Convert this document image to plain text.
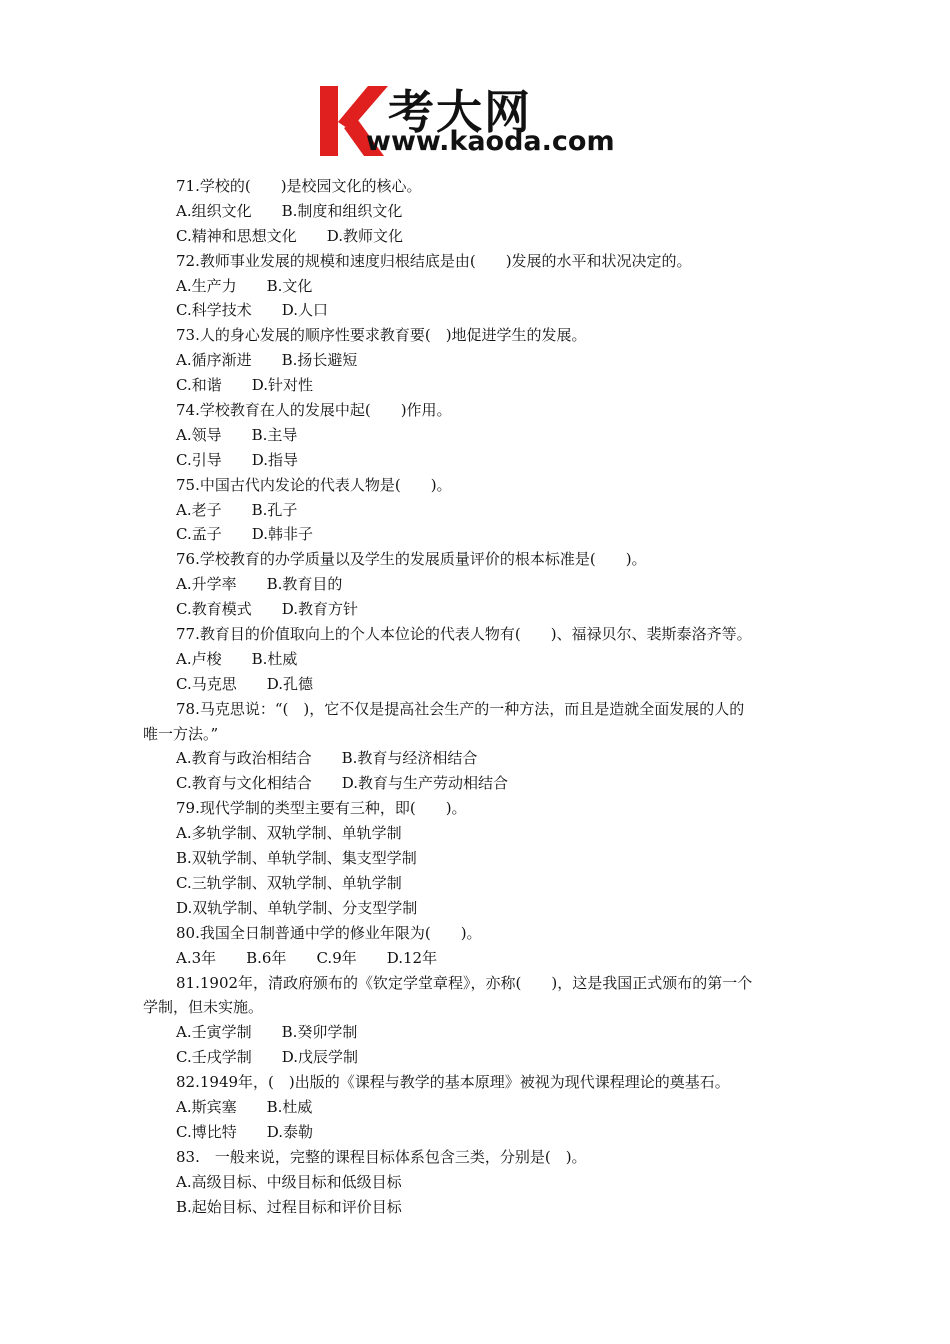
考大网
www.kaoda.com
71.学校的(　　)是校园文化的核心。
A.组织文化　　B.制度和组织文化
C.精神和思想文化　　D.教师文化
72.教师事业发展的规模和速度归根结底是由(　　)发展的水平和状况决定的。
A.生产力　　B.文化
C.科学技术　　D.人口
73.人的身心发展的顺序性要求教育要(　)地促进学生的发展。
A.循序渐进　　B.扬长避短
C.和谐　　D.针对性
74.学校教育在人的发展中起(　　)作用。
A.领导　　B.主导
C.引导　　D.指导
75.中国古代内发论的代表人物是(　　)。
A.老子　　B.孔子
C.孟子　　D.韩非子
76.学校教育的办学质量以及学生的发展质量评价的根本标准是(　　)。
A.升学率　　B.教育目的
C.教育模式　　D.教育方针
77.教育目的价值取向上的个人本位论的代表人物有(　　)、福禄贝尔、裴斯泰洛齐等。
A.卢梭　　B.杜威
C.马克思　　D.孔德
78.马克思说：“(　)，它不仅是提高社会生产的一种方法，而且是造就全面发展的人的
唯一方法。”
A.教育与政治相结合　　B.教育与经济相结合
C.教育与文化相结合　　D.教育与生产劳动相结合
79.现代学制的类型主要有三种，即(　　)。
A.多轨学制、双轨学制、单轨学制
B.双轨学制、单轨学制、集支型学制
C.三轨学制、双轨学制、单轨学制
D.双轨学制、单轨学制、分支型学制
80.我国全日制普通中学的修业年限为(　　)。
A.3年　　B.6年　　C.9年　　D.12年
81.1902年，清政府颁布的《钦定学堂章程》，亦称(　　)，这是我国正式颁布的第一个
学制，但未实施。
A.壬寅学制　　B.癸卯学制
C.壬戌学制　　D.戊辰学制
82.1949年，(　)出版的《课程与教学的基本原理》被视为现代课程理论的奠基石。
A.斯宾塞　　B.杜威
C.博比特　　D.泰勒
83.　一般来说，完整的课程目标体系包含三类，分别是(　)。
A.高级目标、中级目标和低级目标
B.起始目标、过程目标和评价目标
